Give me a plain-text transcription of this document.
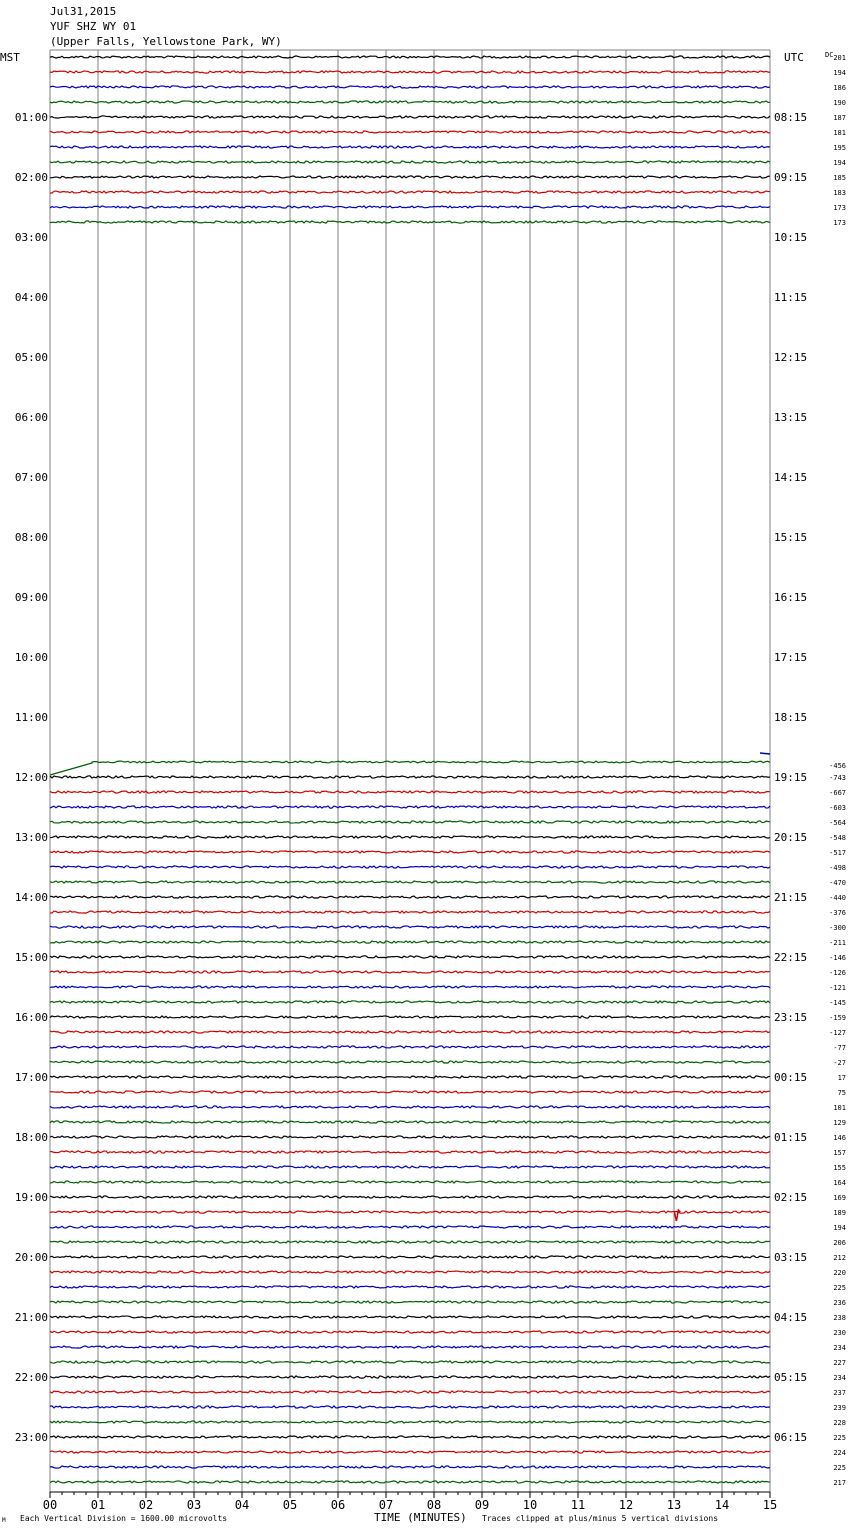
Jul31,2015
YUF SHZ WY 01
(Upper Falls, Yellowstone Park, WY)
00	01	02	03	04	05	06	07	08	09	10	11	12	13	14	15
MST	UTC	DC
01:00
02:00
03:00
04:00
05:00
06:00
07:00
08:00
09:00
10:00
11:00
12:00
13:00
14:00
15:00
16:00
17:00
18:00
19:00
20:00
21:00
22:00
23:00
08:15
09:15
10:15
11:15
12:15
13:15
14:15
15:15
16:15
17:15
18:15
19:15
20:15
21:15
22:15
23:15
00:15
01:15
02:15
03:15
04:15
05:15
06:15
201
194
186
190
187
181
195
194
185
183
173
173
-456
-743
-667
-603
-564
-548
-517
-498
-470
-440
-376
-300
-211
-146
-126
-121
-145
-159
-127
-77
-27
17
75
101
129
146
157
155
164
169
189
194
206
212
220
225
236
238
230
234
227
234
237
239
228
225
224
225
217
TIME (MINUTES)
Each Vertical Division = 1600.00 microvolts	Traces clipped at plus/minus 5 vertical divisions
M
